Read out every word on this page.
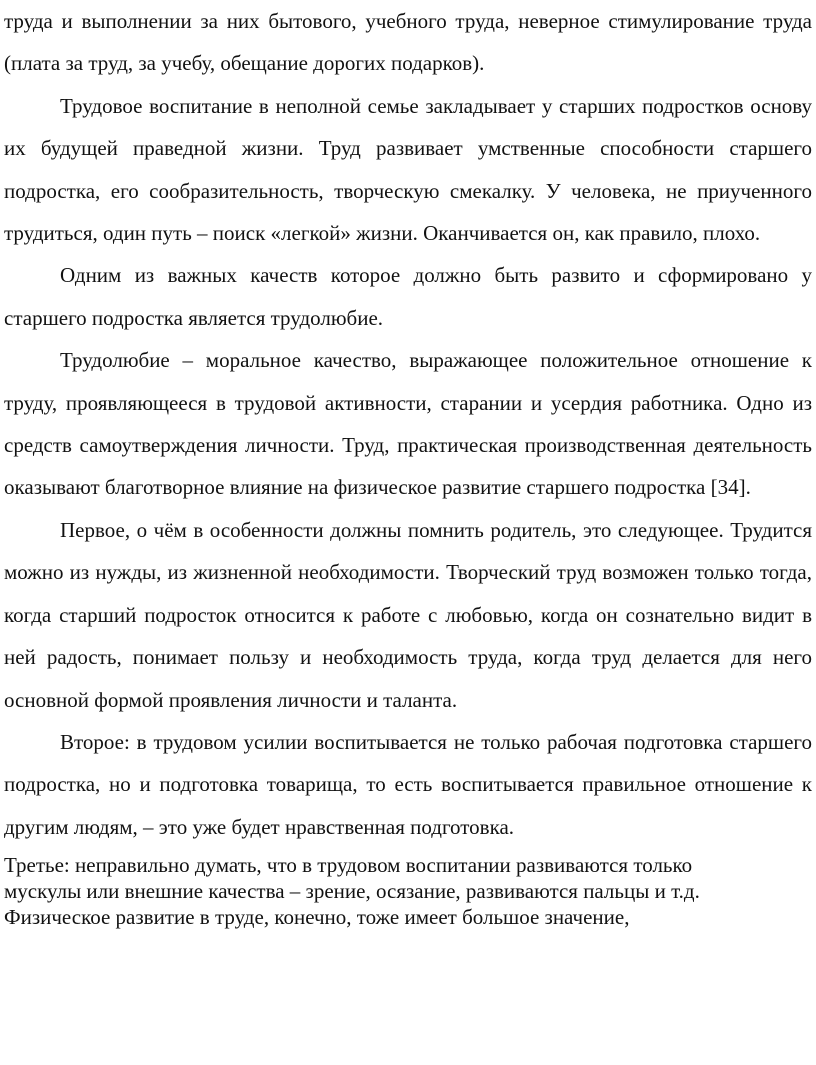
труда и выполнении за них бытового, учебного труда, неверное стимулирование труда (плата за труд, за учебу, обещание дорогих подарков).

Трудовое воспитание в неполной семье закладывает у старших подростков основу их будущей праведной жизни. Труд развивает умственные способности старшего подростка, его сообразительность, творческую смекалку. У человека, не приученного трудиться, один путь – поиск «легкой» жизни. Оканчивается он, как правило, плохо.

Одним из важных качеств которое должно быть развито и сформировано у старшего подростка является трудолюбие.

Трудолюбие – моральное качество, выражающее положительное отношение к труду, проявляющееся в трудовой активности, старании и усердия работника. Одно из средств самоутверждения личности. Труд, практическая производственная деятельность оказывают благотворное влияние на физическое развитие старшего подростка [34].

Первое, о чём в особенности должны помнить родитель, это следующее. Трудится можно из нужды, из жизненной необходимости. Творческий труд возможен только тогда, когда старший подросток относится к работе с любовью, когда он сознательно видит в ней радость, понимает пользу и необходимость труда, когда труд делается для него основной формой проявления личности и таланта.

Второе: в трудовом усилии воспитывается не только рабочая подготовка старшего подростка, но и подготовка товарища, то есть воспитывается правильное отношение к другим людям, – это уже будет нравственная подготовка.

Третье: неправильно думать, что в трудовом воспитании развиваются только

мускулы или внешние качества – зрение, осязание, развиваются пальцы и т.д.

Физическое развитие в труде, конечно, тоже имеет большое значение,
